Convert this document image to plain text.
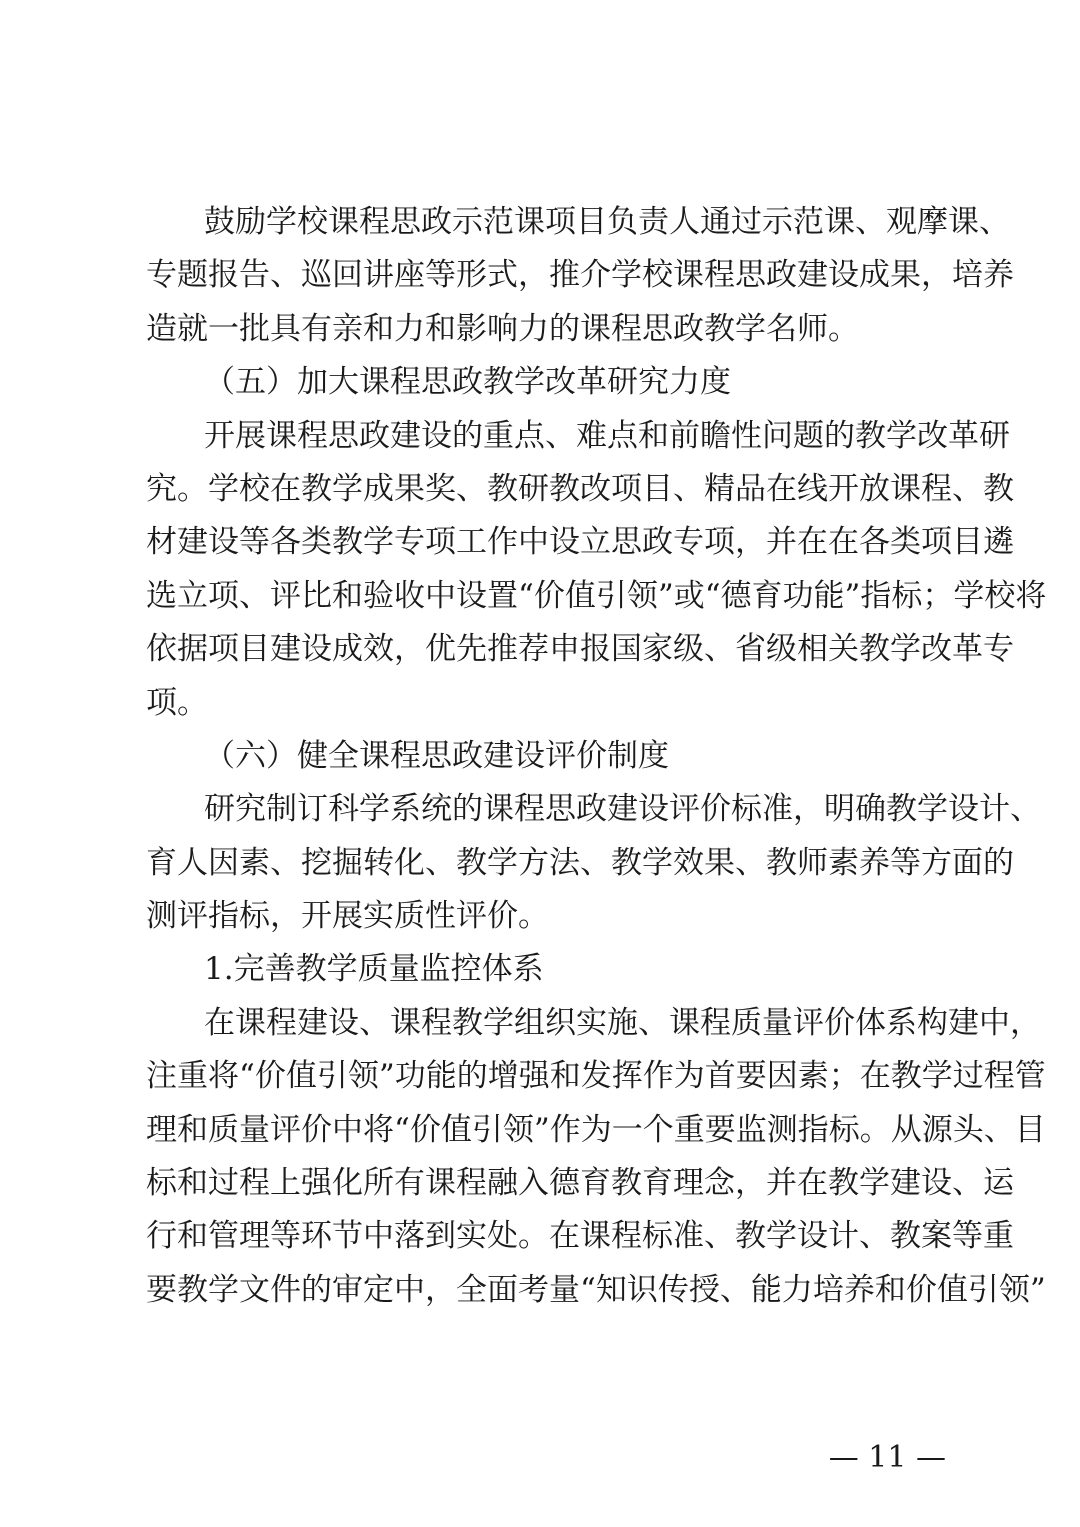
鼓励学校课程思政示范课项目负责人通过示范课、观摩课、
专题报告、巡回讲座等形式，推介学校课程思政建设成果，培养
造就一批具有亲和力和影响力的课程思政教学名师。
（五）加大课程思政教学改革研究力度
开展课程思政建设的重点、难点和前瞻性问题的教学改革研
究。学校在教学成果奖、教研教改项目、精品在线开放课程、教
材建设等各类教学专项工作中设立思政专项，并在在各类项目遴
选立项、评比和验收中设置“价值引领”或“德育功能”指标；学校将
依据项目建设成效，优先推荐申报国家级、省级相关教学改革专
项。
（六）健全课程思政建设评价制度
研究制订科学系统的课程思政建设评价标准，明确教学设计、
育人因素、挖掘转化、教学方法、教学效果、教师素养等方面的
测评指标，开展实质性评价。
1.完善教学质量监控体系
在课程建设、课程教学组织实施、课程质量评价体系构建中，
注重将“价值引领”功能的增强和发挥作为首要因素；在教学过程管
理和质量评价中将“价值引领”作为一个重要监测指标。从源头、目
标和过程上强化所有课程融入德育教育理念，并在教学建设、运
行和管理等环节中落到实处。在课程标准、教学设计、教案等重
要教学文件的审定中，全面考量“知识传授、能力培养和价值引领”
— 11 —
